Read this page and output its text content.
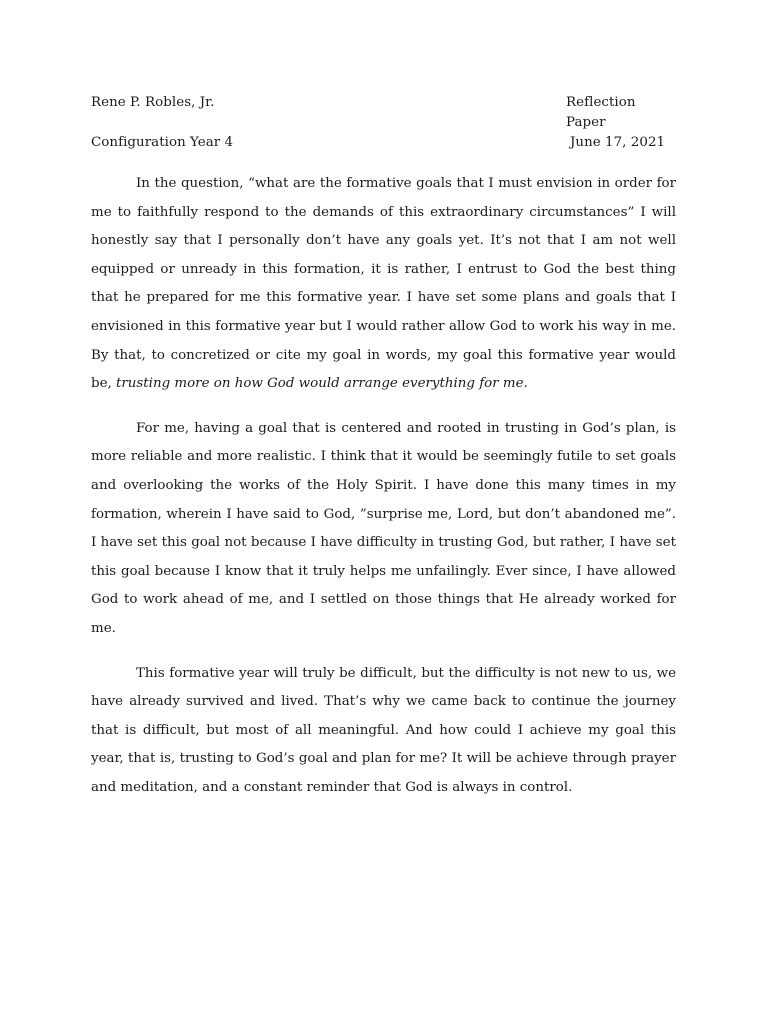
Rene P. Robles, Jr.	Reflection Paper
Configuration Year 4	June 17, 2021

In the question, “what are the formative goals that I must envision in order for me to faithfully respond to the demands of this extraordinary circumstances” I will honestly say that I personally don’t have any goals yet. It’s not that I am not well equipped or unready in this formation, it is rather, I entrust to God the best thing that he prepared for me this formative year. I have set some plans and goals that I envisioned in this formative year but I would rather allow God to work his way in me. By that, to concretized or cite my goal in words, my goal this formative year would be, trusting more on how God would arrange everything for me.

For me, having a goal that is centered and rooted in trusting in God’s plan, is more reliable and more realistic. I think that it would be seemingly futile to set goals and overlooking the works of the Holy Spirit. I have done this many times in my formation, wherein I have said to God, ”surprise me, Lord, but don’t abandoned me”. I have set this goal not because I have difficulty in trusting God, but rather, I have set this goal because I know that it truly helps me unfailingly. Ever since, I have allowed God to work ahead of me, and I settled on those things that He already worked for me.

This formative year will truly be difficult, but the difficulty is not new to us, we have already survived and lived. That’s why we came back to continue the journey that is difficult, but most of all meaningful. And how could I achieve my goal this year, that is, trusting to God’s goal and plan for me? It will be achieve through prayer and meditation, and a constant reminder that God is always in control.
